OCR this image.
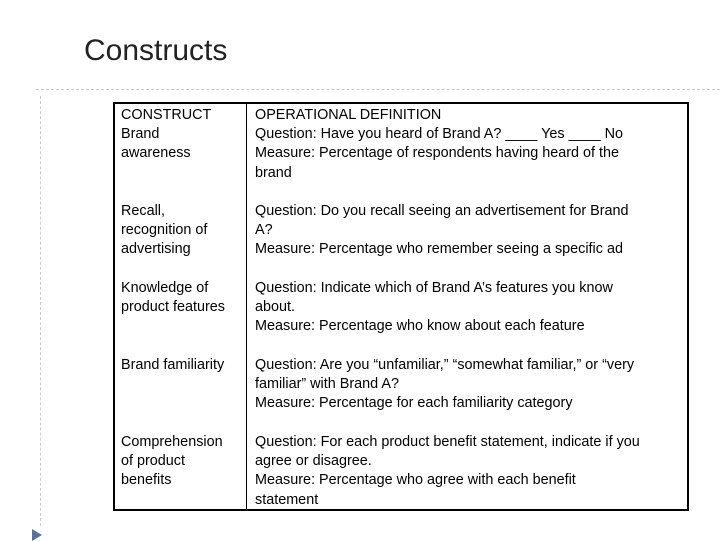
Constructs
CONSTRUCT
Brand
awareness
OPERATIONAL DEFINITION
Question: Have you heard of Brand A? ____ Yes ____ No
Measure: Percentage of respondents having heard of the
brand
Recall,
recognition of
advertising
Question: Do you recall seeing an advertisement for Brand
A?
Measure: Percentage who remember seeing a specific ad
Knowledge of
product features
Question: Indicate which of Brand A’s features you know
about.
Measure: Percentage who know about each feature
Brand familiarity	Question: Are you “unfamiliar,” “somewhat familiar,” or “very
familiar” with Brand A?
Measure: Percentage for each familiarity category
Comprehension
of product
benefits
Question: For each product benefit statement, indicate if you
agree or disagree.
Measure: Percentage who agree with each benefit
statement
